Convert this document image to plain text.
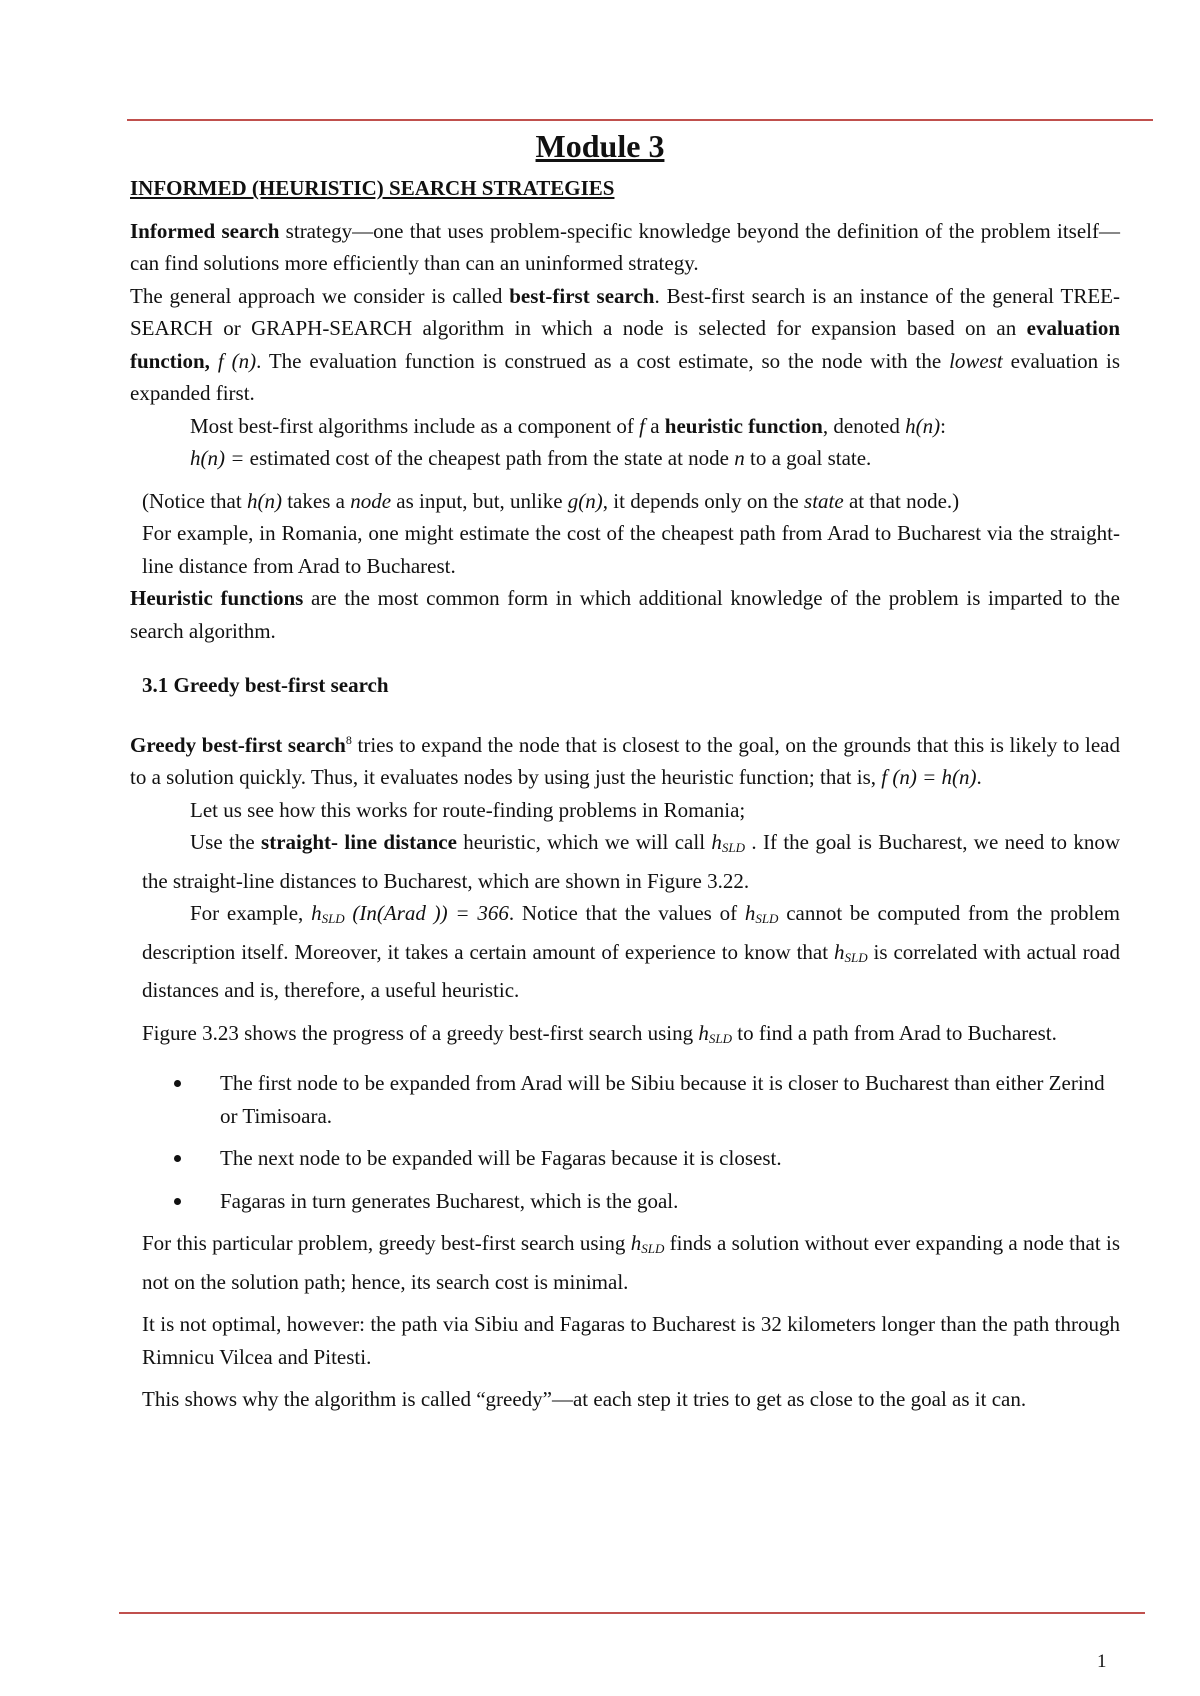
Module 3

INFORMED (HEURISTIC) SEARCH STRATEGIES

Informed search strategy—one that uses problem-specific knowledge beyond the definition of the problem itself—can find solutions more efficiently than can an uninformed strategy.

The general approach we consider is called best-first search. Best-first search is an instance of the general TREE-SEARCH or GRAPH-SEARCH algorithm in which a node is selected for expansion based on an evaluation function, f (n). The evaluation function is construed as a cost estimate, so the node with the lowest evaluation is expanded first.

Most best-first algorithms include as a component of f a heuristic function, denoted h(n):

h(n) = estimated cost of the cheapest path from the state at node n to a goal state.

(Notice that h(n) takes a node as input, but, unlike g(n), it depends only on the state at that node.)

For example, in Romania, one might estimate the cost of the cheapest path from Arad to Bucharest via the straight-line distance from Arad to Bucharest.

Heuristic functions are the most common form in which additional knowledge of the problem is imparted to the search algorithm.

3.1 Greedy best-first search

Greedy best-first search$^8$ tries to expand the node that is closest to the goal, on the grounds that this is likely to lead to a solution quickly. Thus, it evaluates nodes by using just the heuristic function; that is, f (n) = h(n).

Let us see how this works for route-finding problems in Romania;

Use the straight- line distance heuristic, which we will call $h_{SLD}$ . If the goal is Bucharest, we need to know the straight-line distances to Bucharest, which are shown in Figure 3.22.

For example, $h_{SLD}$ (In(Arad )) = 366. Notice that the values of $h_{SLD}$ cannot be computed from the problem description itself. Moreover, it takes a certain amount of experience to know that $h_{SLD}$ is correlated with actual road distances and is, therefore, a useful heuristic.

Figure 3.23 shows the progress of a greedy best-first search using $h_{SLD}$ to find a path from Arad to Bucharest.

The first node to be expanded from Arad will be Sibiu because it is closer to Bucharest than either Zerind or Timisoara.
The next node to be expanded will be Fagaras because it is closest.
Fagaras in turn generates Bucharest, which is the goal.

For this particular problem, greedy best-first search using $h_{SLD}$ finds a solution without ever expanding a node that is not on the solution path; hence, its search cost is minimal.

It is not optimal, however: the path via Sibiu and Fagaras to Bucharest is 32 kilometers longer than the path through Rimnicu Vilcea and Pitesti.

This shows why the algorithm is called “greedy”—at each step it tries to get as close to the goal as it can.

1
